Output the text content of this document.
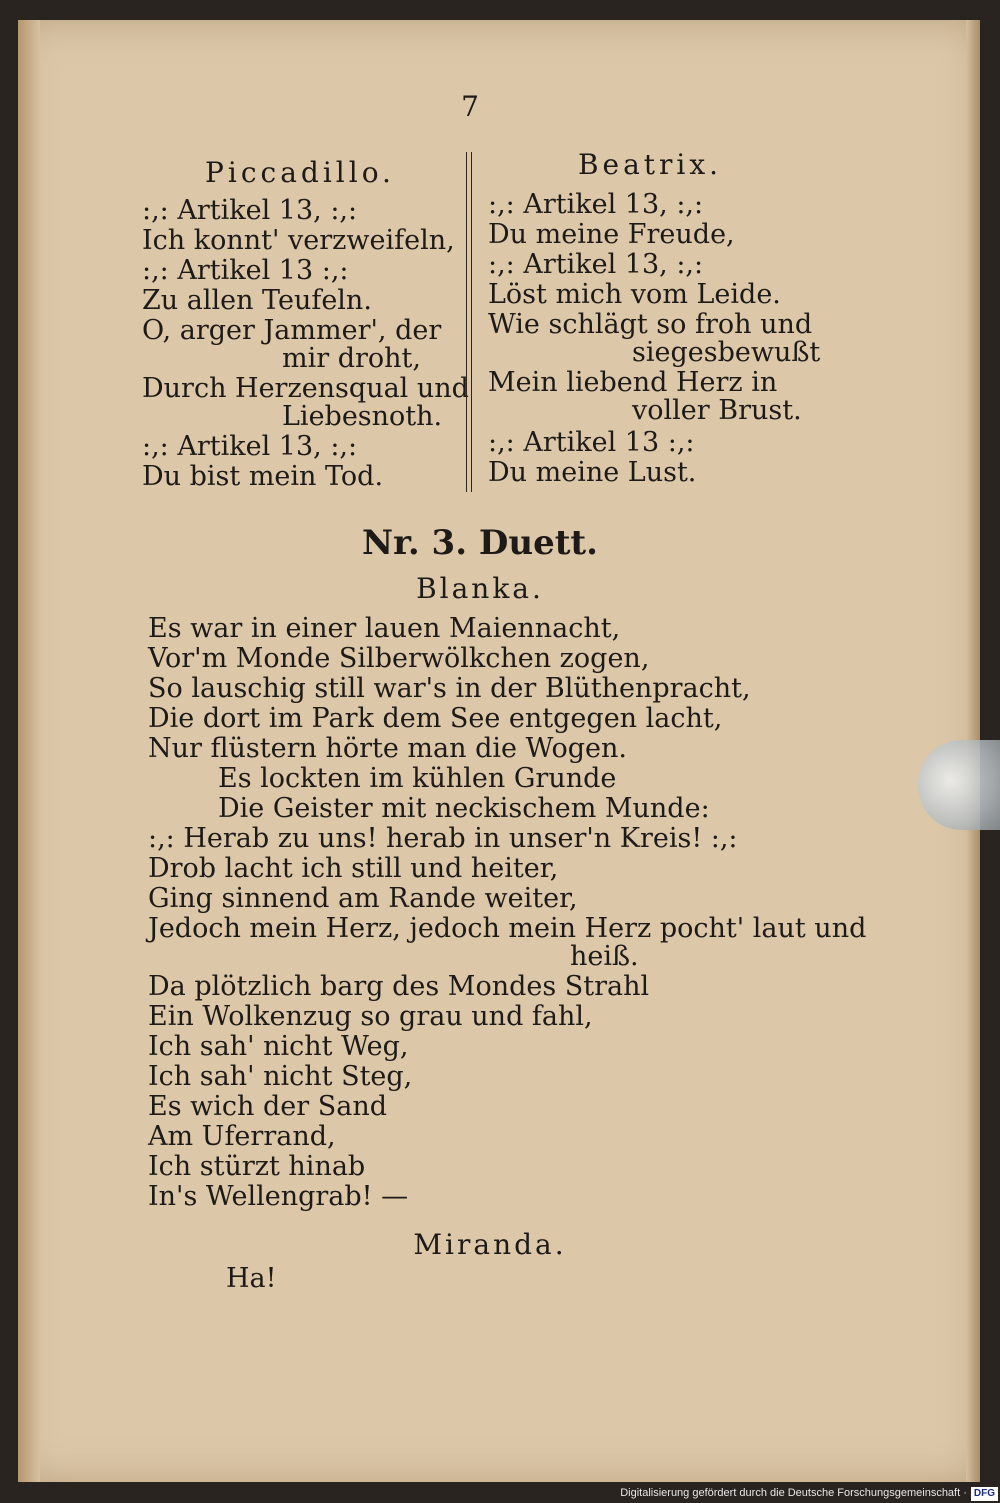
7
Piccadillo.
:,: Artikel 13, :,:
Ich konnt' verzweifeln,
:,: Artikel 13 :,:
Zu allen Teufeln.
O, arger Jammer', der
mir droht,
Durch Herzensqual und
Liebesnoth.
:,: Artikel 13, :,:
Du bist mein Tod.
Beatrix.
:,: Artikel 13, :,:
Du meine Freude,
:,: Artikel 13, :,:
Löst mich vom Leide.
Wie schlägt so froh und
siegesbewußt
Mein liebend Herz in
voller Brust.
:,: Artikel 13 :,:
Du meine Lust.
Nr. 3. Duett.
Blanka.
Es war in einer lauen Maiennacht,
Vor'm Monde Silberwölkchen zogen,
So lauschig still war's in der Blüthenpracht,
Die dort im Park dem See entgegen lacht,
Nur flüstern hörte man die Wogen.
Es lockten im kühlen Grunde
Die Geister mit neckischem Munde:
:,: Herab zu uns! herab in unser'n Kreis! :,:
Drob lacht ich still und heiter,
Ging sinnend am Rande weiter,
Jedoch mein Herz, jedoch mein Herz pocht' laut und
heiß.
Da plötzlich barg des Mondes Strahl
Ein Wolkenzug so grau und fahl,
Ich sah' nicht Weg,
Ich sah' nicht Steg,
Es wich der Sand
Am Uferrand,
Ich stürzt hinab
In's Wellengrab! —
Miranda.
Ha!
Digitalisierung gefördert durch die Deutsche Forschungsgemeinschaft · DFG
